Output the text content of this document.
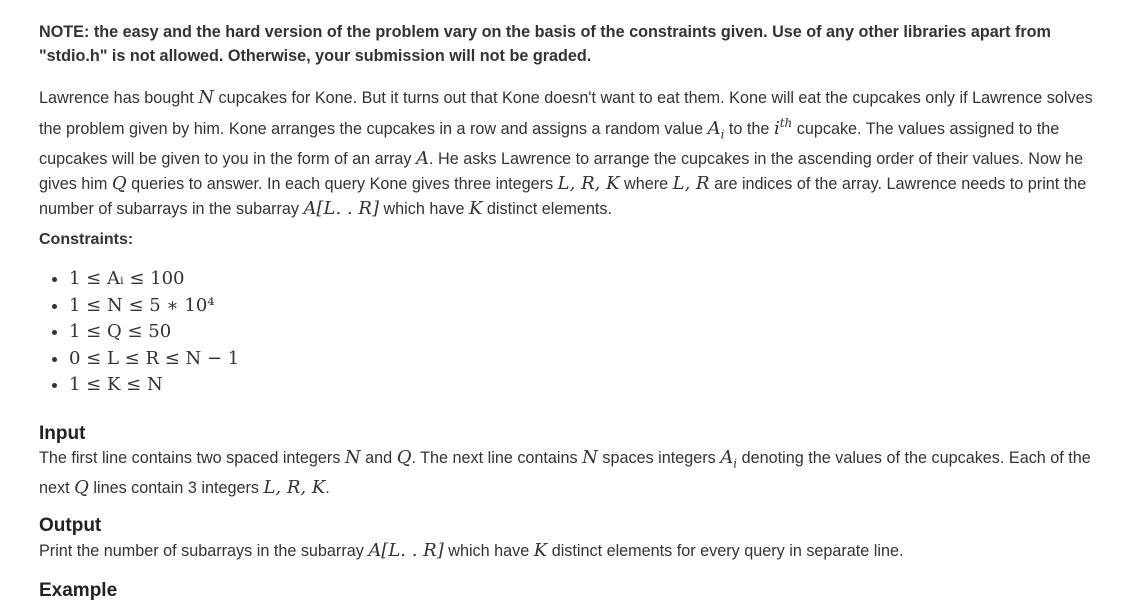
NOTE: the easy and the hard version of the problem vary on the basis of the constraints given. Use of any other libraries apart from "stdio.h" is not allowed. Otherwise, your submission will not be graded.
Lawrence has bought N cupcakes for Kone. But it turns out that Kone doesn't want to eat them. Kone will eat the cupcakes only if Lawrence solves the problem given by him. Kone arranges the cupcakes in a row and assigns a random value $A_i$ to the $i^{th}$ cupcake. The values assigned to the cupcakes will be given to you in the form of an array A. He asks Lawrence to arrange the cupcakes in the ascending order of their values. Now he gives him Q queries to answer. In each query Kone gives three integers L, R, K where L, R are indices of the array. Lawrence needs to print the number of subarrays in the subarray A[L. . R] which have K distinct elements.
Constraints:
• 1 ≤ Aᵢ ≤ 100
• 1 ≤ N ≤ 5 ∗ 10⁴
• 1 ≤ Q ≤ 50
• 0 ≤ L ≤ R ≤ N − 1
• 1 ≤ K ≤ N
Input
The first line contains two spaced integers N and Q. The next line contains N spaces integers $A_i$ denoting the values of the cupcakes. Each of the next Q lines contain 3 integers L, R, K.
Output
Print the number of subarrays in the subarray A[L. . R] which have K distinct elements for every query in separate line.
Example
